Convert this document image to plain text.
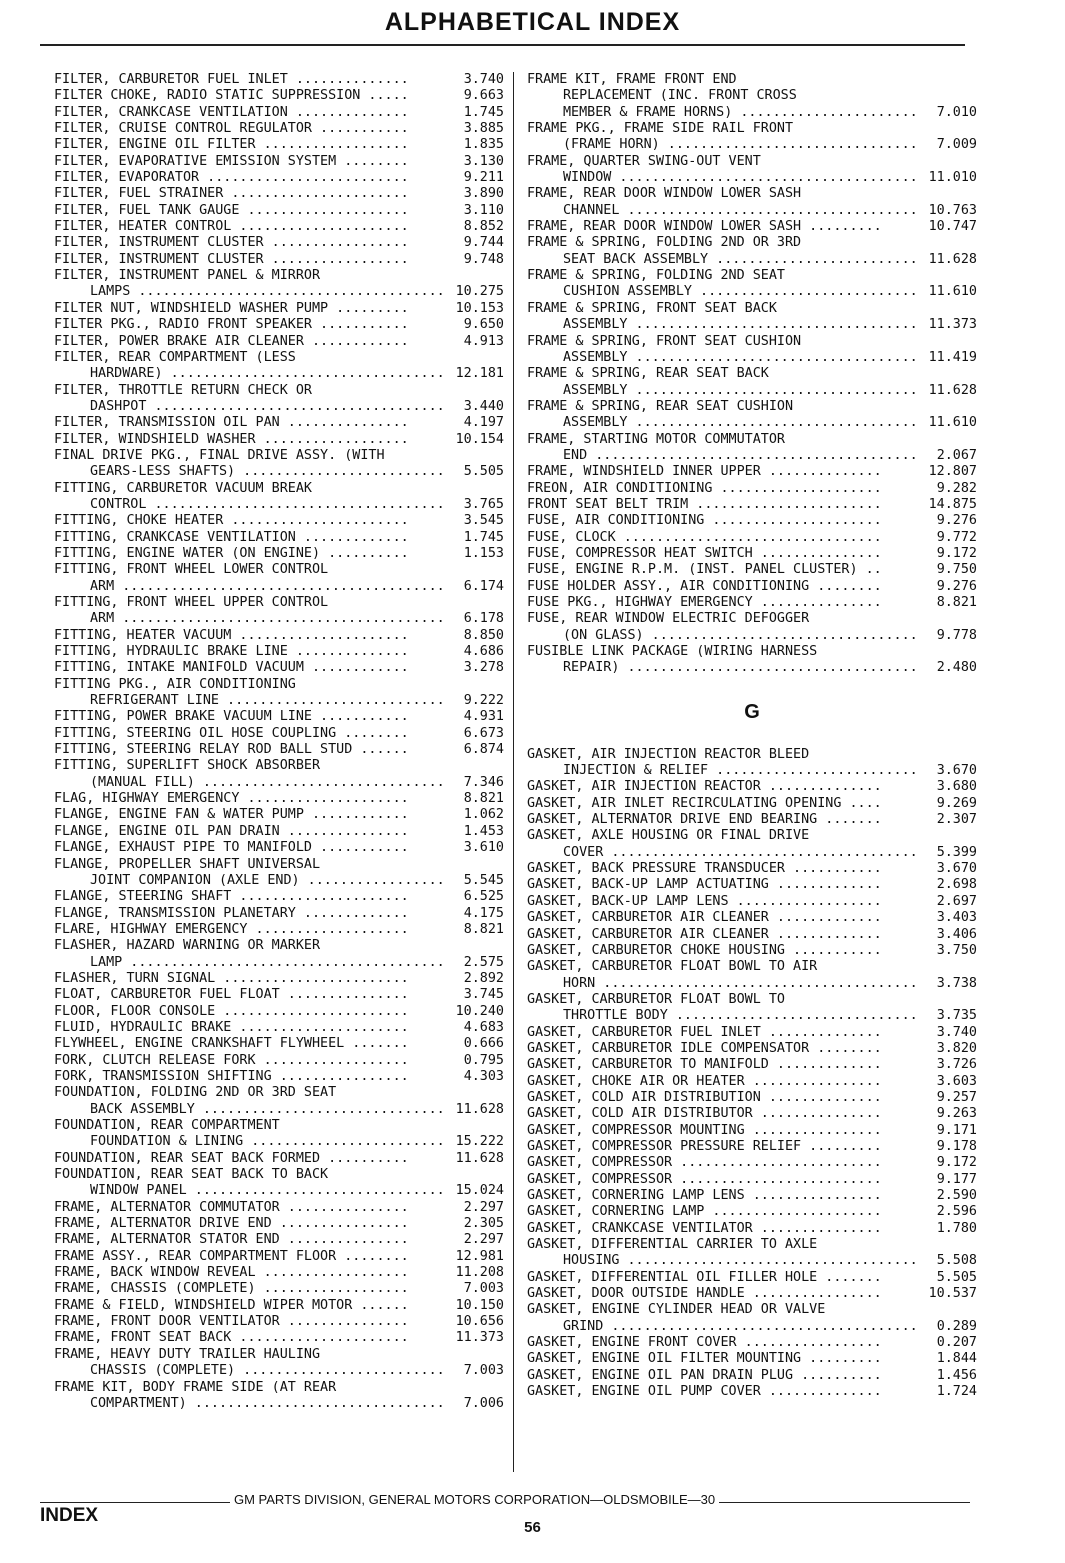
ALPHABETICAL INDEX
FILTER, CARBURETOR FUEL INLET .....	3.740
FILTER CHOKE, RADIO STATIC SUPPRESSION .....	9.663
FILTER, CRANKCASE VENTILATION .....	1.745
FILTER, CRUISE CONTROL REGULATOR .....	3.885
FILTER, ENGINE OIL FILTER .....	1.835
FILTER, EVAPORATIVE EMISSION SYSTEM .....	3.130
FILTER, EVAPORATOR .....	9.211
FILTER, FUEL STRAINER .....	3.890
FILTER, FUEL TANK GAUGE .....	3.110
FILTER, HEATER CONTROL .....	8.852
FILTER, INSTRUMENT CLUSTER .....	9.744
FILTER, INSTRUMENT CLUSTER .....	9.748
FILTER, INSTRUMENT PANEL & MIRROR
LAMPS .....	10.275
FILTER NUT, WINDSHIELD WASHER PUMP .....	10.153
FILTER PKG., RADIO FRONT SPEAKER .....	9.650
FILTER, POWER BRAKE AIR CLEANER .....	4.913
FILTER, REAR COMPARTMENT (LESS
HARDWARE) .....	12.181
FILTER, THROTTLE RETURN CHECK OR
DASHPOT .....	3.440
FILTER, TRANSMISSION OIL PAN .....	4.197
FILTER, WINDSHIELD WASHER .....	10.154
FINAL DRIVE PKG., FINAL DRIVE ASSY. (WITH
GEARS-LESS SHAFTS) .....	5.505
FITTING, CARBURETOR VACUUM BREAK
CONTROL .....	3.765
FITTING, CHOKE HEATER .....	3.545
FITTING, CRANKCASE VENTILATION .....	1.745
FITTING, ENGINE WATER (ON ENGINE) .....	1.153
FITTING, FRONT WHEEL LOWER CONTROL
ARM .....	6.174
FITTING, FRONT WHEEL UPPER CONTROL
ARM .....	6.178
FITTING, HEATER VACUUM .....	8.850
FITTING, HYDRAULIC BRAKE LINE .....	4.686
FITTING, INTAKE MANIFOLD VACUUM .....	3.278
FITTING PKG., AIR CONDITIONING
REFRIGERANT LINE .....	9.222
FITTING, POWER BRAKE VACUUM LINE .....	4.931
FITTING, STEERING OIL HOSE COUPLING .....	6.673
FITTING, STEERING RELAY ROD BALL STUD .....	6.874
FITTING, SUPERLIFT SHOCK ABSORBER
(MANUAL FILL) .....	7.346
FLAG, HIGHWAY EMERGENCY .....	8.821
FLANGE, ENGINE FAN & WATER PUMP .....	1.062
FLANGE, ENGINE OIL PAN DRAIN .....	1.453
FLANGE, EXHAUST PIPE TO MANIFOLD .....	3.610
FLANGE, PROPELLER SHAFT UNIVERSAL
JOINT COMPANION (AXLE END) .....	5.545
FLANGE, STEERING SHAFT .....	6.525
FLANGE, TRANSMISSION PLANETARY .....	4.175
FLARE, HIGHWAY EMERGENCY .....	8.821
FLASHER, HAZARD WARNING OR MARKER
LAMP .....	2.575
FLASHER, TURN SIGNAL .....	2.892
FLOAT, CARBURETOR FUEL FLOAT .....	3.745
FLOOR, FLOOR CONSOLE .....	10.240
FLUID, HYDRAULIC BRAKE .....	4.683
FLYWHEEL, ENGINE CRANKSHAFT FLYWHEEL .....	0.666
FORK, CLUTCH RELEASE FORK .....	0.795
FORK, TRANSMISSION SHIFTING .....	4.303
FOUNDATION, FOLDING 2ND OR 3RD SEAT
BACK ASSEMBLY .....	11.628
FOUNDATION, REAR COMPARTMENT
FOUNDATION & LINING .....	15.222
FOUNDATION, REAR SEAT BACK FORMED .....	11.628
FOUNDATION, REAR SEAT BACK TO BACK
WINDOW PANEL .....	15.024
FRAME, ALTERNATOR COMMUTATOR .....	2.297
FRAME, ALTERNATOR DRIVE END .....	2.305
FRAME, ALTERNATOR STATOR END .....	2.297
FRAME ASSY., REAR COMPARTMENT FLOOR .....	12.981
FRAME, BACK WINDOW REVEAL .....	11.208
FRAME, CHASSIS (COMPLETE) .....	7.003
FRAME & FIELD, WINDSHIELD WIPER MOTOR .....	10.150
FRAME, FRONT DOOR VENTILATOR .....	10.656
FRAME, FRONT SEAT BACK .....	11.373
FRAME, HEAVY DUTY TRAILER HAULING
CHASSIS (COMPLETE) .....	7.003
FRAME KIT, BODY FRAME SIDE (AT REAR
COMPARTMENT) .....	7.006
FRAME KIT, FRAME FRONT END
REPLACEMENT (INC. FRONT CROSS
MEMBER & FRAME HORNS) .....	7.010
FRAME PKG., FRAME SIDE RAIL FRONT
(FRAME HORN) .....	7.009
FRAME, QUARTER SWING-OUT VENT
WINDOW .....	11.010
FRAME, REAR DOOR WINDOW LOWER SASH
CHANNEL .....	10.763
FRAME, REAR DOOR WINDOW LOWER SASH .....	10.747
FRAME & SPRING, FOLDING 2ND OR 3RD
SEAT BACK ASSEMBLY .....	11.628
FRAME & SPRING, FOLDING 2ND SEAT
CUSHION ASSEMBLY .....	11.610
FRAME & SPRING, FRONT SEAT BACK
ASSEMBLY .....	11.373
FRAME & SPRING, FRONT SEAT CUSHION
ASSEMBLY .....	11.419
FRAME & SPRING, REAR SEAT BACK
ASSEMBLY .....	11.628
FRAME & SPRING, REAR SEAT CUSHION
ASSEMBLY .....	11.610
FRAME, STARTING MOTOR COMMUTATOR
END .....	2.067
FRAME, WINDSHIELD INNER UPPER .....	12.807
FREON, AIR CONDITIONING .....	9.282
FRONT SEAT BELT TRIM .....	14.875
FUSE, AIR CONDITIONING .....	9.276
FUSE, CLOCK .....	9.772
FUSE, COMPRESSOR HEAT SWITCH .....	9.172
FUSE, ENGINE R.P.M. (INST. PANEL CLUSTER) .....	9.750
FUSE HOLDER ASSY., AIR CONDITIONING .....	9.276
FUSE PKG., HIGHWAY EMERGENCY .....	8.821
FUSE, REAR WINDOW ELECTRIC DEFOGGER
(ON GLASS) .....	9.778
FUSIBLE LINK PACKAGE (WIRING HARNESS
REPAIR) .....	2.480
G
GASKET, AIR INJECTION REACTOR BLEED
INJECTION & RELIEF .....	3.670
GASKET, AIR INJECTION REACTOR .....	3.680
GASKET, AIR INLET RECIRCULATING OPENING .....	9.269
GASKET, ALTERNATOR DRIVE END BEARING .....	2.307
GASKET, AXLE HOUSING OR FINAL DRIVE
COVER .....	5.399
GASKET, BACK PRESSURE TRANSDUCER .....	3.670
GASKET, BACK-UP LAMP ACTUATING .....	2.698
GASKET, BACK-UP LAMP LENS .....	2.697
GASKET, CARBURETOR AIR CLEANER .....	3.403
GASKET, CARBURETOR AIR CLEANER .....	3.406
GASKET, CARBURETOR CHOKE HOUSING .....	3.750
GASKET, CARBURETOR FLOAT BOWL TO AIR
HORN .....	3.738
GASKET, CARBURETOR FLOAT BOWL TO
THROTTLE BODY .....	3.735
GASKET, CARBURETOR FUEL INLET .....	3.740
GASKET, CARBURETOR IDLE COMPENSATOR .....	3.820
GASKET, CARBURETOR TO MANIFOLD .....	3.726
GASKET, CHOKE AIR OR HEATER .....	3.603
GASKET, COLD AIR DISTRIBUTION .....	9.257
GASKET, COLD AIR DISTRIBUTOR .....	9.263
GASKET, COMPRESSOR MOUNTING .....	9.171
GASKET, COMPRESSOR PRESSURE RELIEF .....	9.178
GASKET, COMPRESSOR .....	9.172
GASKET, COMPRESSOR .....	9.177
GASKET, CORNERING LAMP LENS .....	2.590
GASKET, CORNERING LAMP .....	2.596
GASKET, CRANKCASE VENTILATOR .....	1.780
GASKET, DIFFERENTIAL CARRIER TO AXLE
HOUSING .....	5.508
GASKET, DIFFERENTIAL OIL FILLER HOLE .....	5.505
GASKET, DOOR OUTSIDE HANDLE .....	10.537
GASKET, ENGINE CYLINDER HEAD OR VALVE
GRIND .....	0.289
GASKET, ENGINE FRONT COVER .....	0.207
GASKET, ENGINE OIL FILTER MOUNTING .....	1.844
GASKET, ENGINE OIL PAN DRAIN PLUG .....	1.456
GASKET, ENGINE OIL PUMP COVER .....	1.724
GM PARTS DIVISION, GENERAL MOTORS CORPORATION—OLDSMOBILE—30
INDEX
56
